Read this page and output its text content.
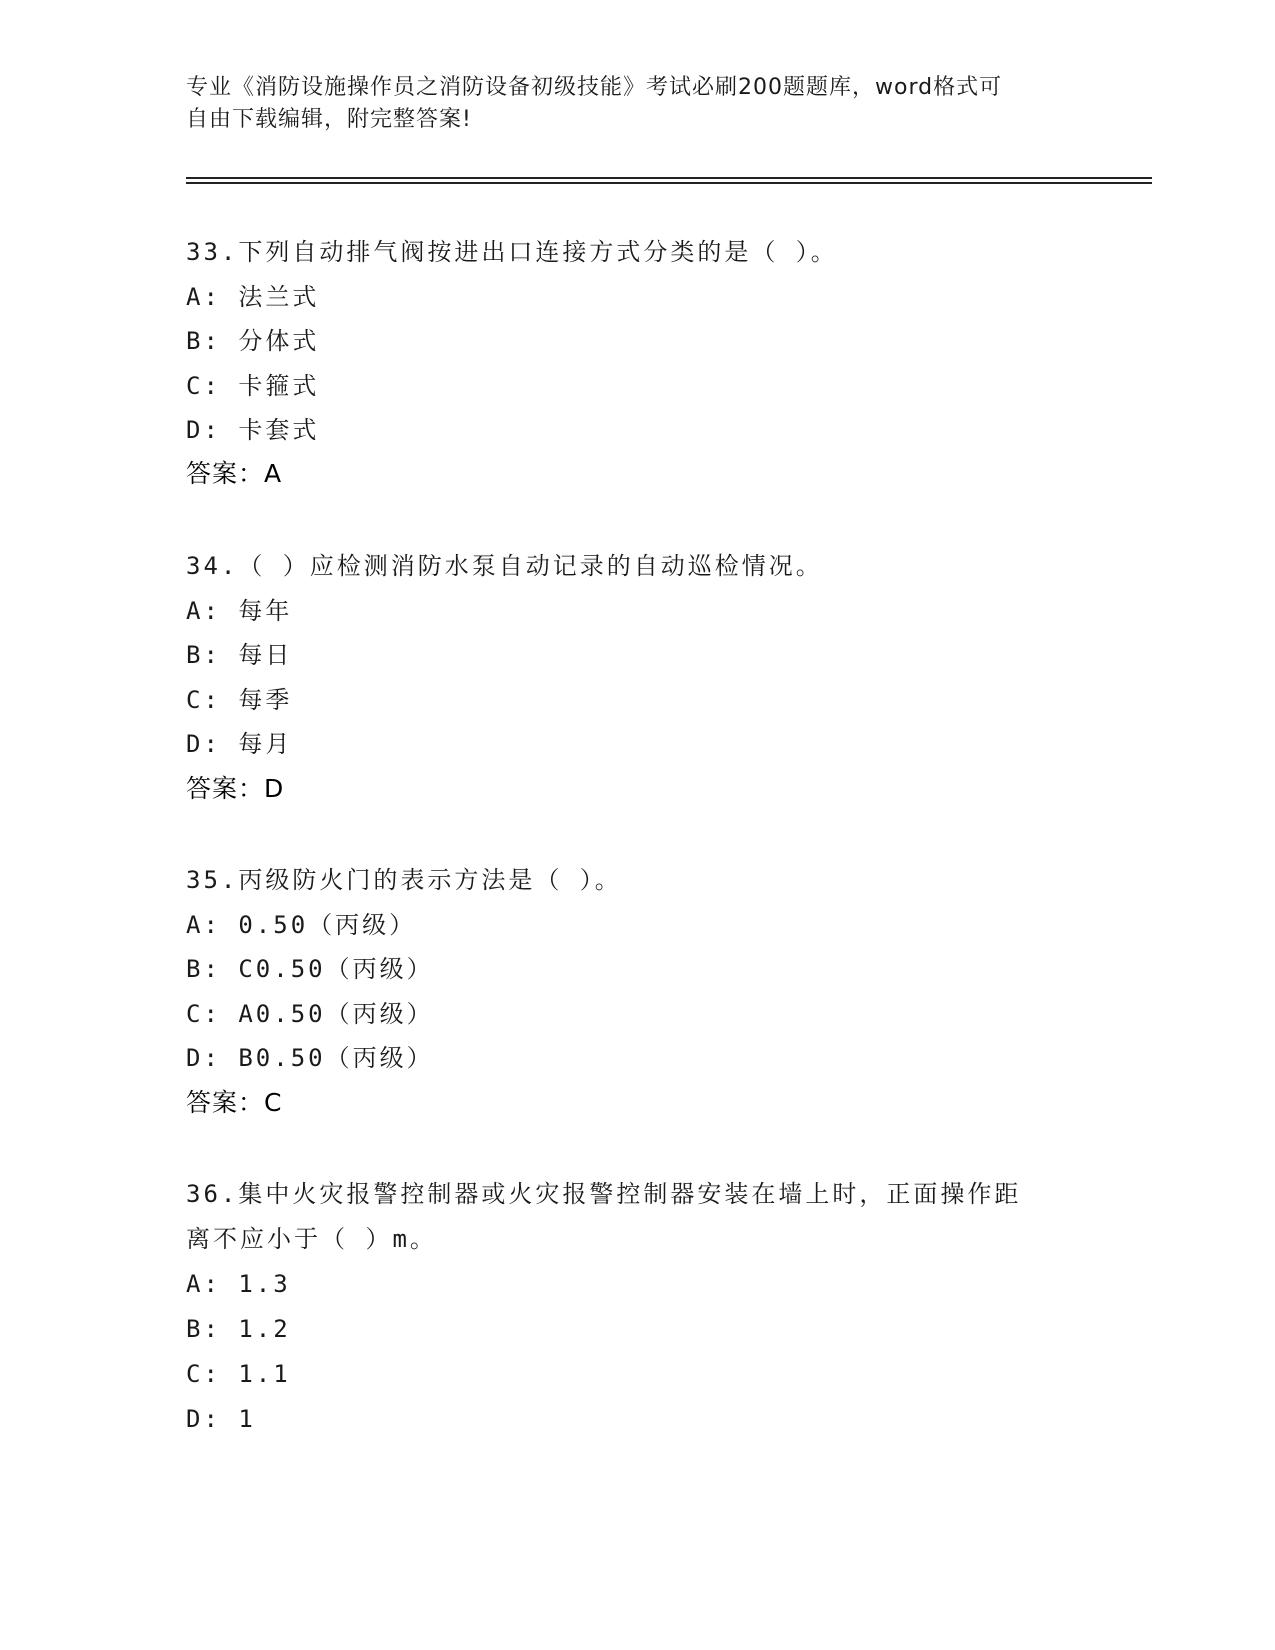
专业《消防设施操作员之消防设备初级技能》考试必刷200题题库，word格式可
自由下载编辑，附完整答案!
33.下列自动排气阀按进出口连接方式分类的是（ ）。
A: 法兰式
B: 分体式
C: 卡箍式
D: 卡套式
答案：A
34.（ ）应检测消防水泵自动记录的自动巡检情况。
A: 每年
B: 每日
C: 每季
D: 每月
答案：D
35.丙级防火门的表示方法是（ ）。
A: 0.50（丙级）
B: C0.50（丙级）
C: A0.50（丙级）
D: B0.50（丙级）
答案：C
36.集中火灾报警控制器或火灾报警控制器安装在墙上时，正面操作距
离不应小于（ ）m。
A: 1.3
B: 1.2
C: 1.1
D: 1
